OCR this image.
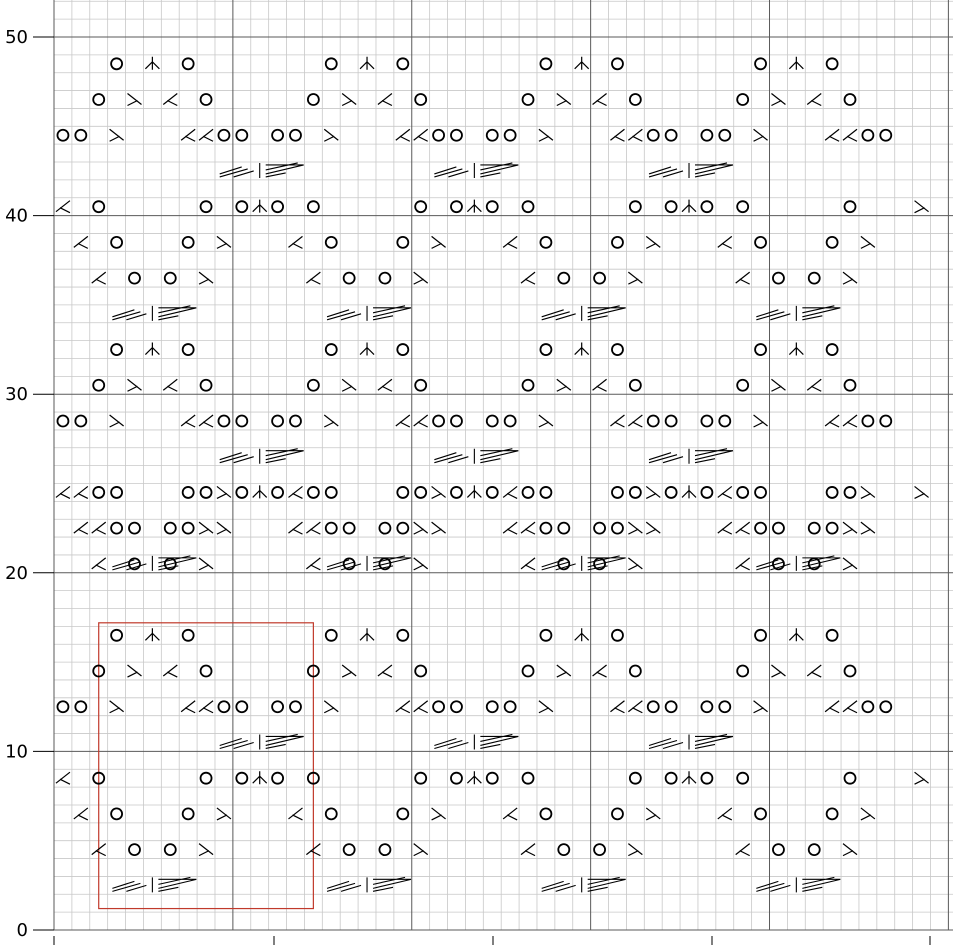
0
10
20
30
40
50
